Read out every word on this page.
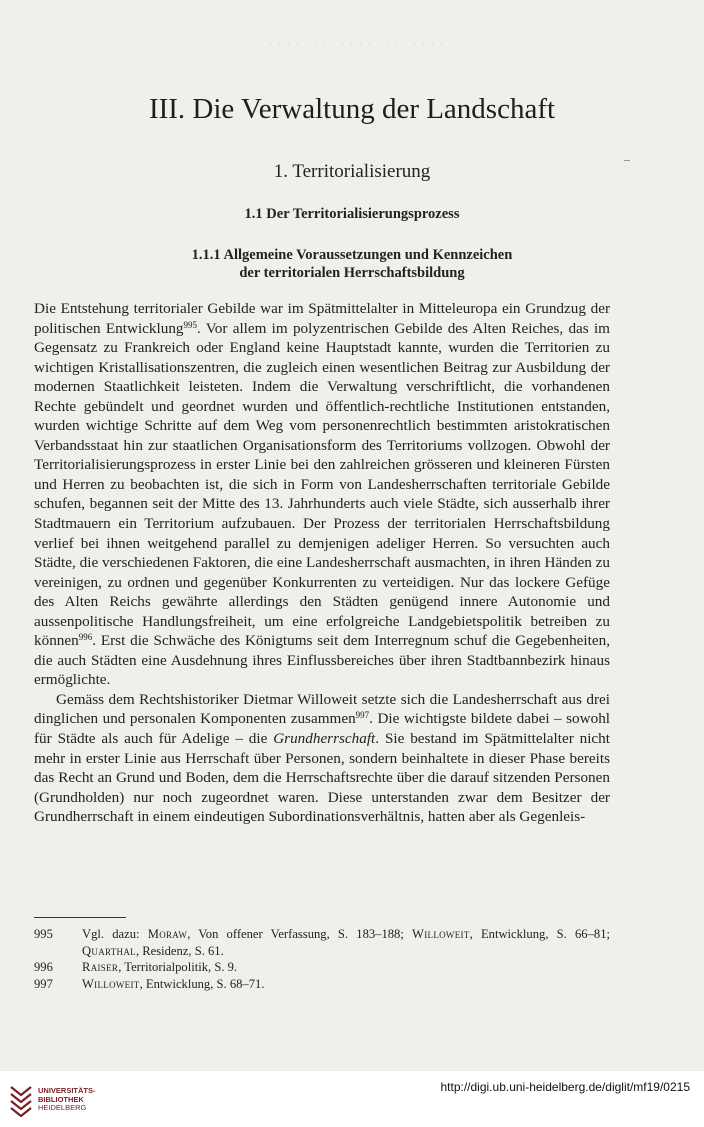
· · · · · · · · · · · · · · · · · · · · ·
III. Die Verwaltung der Landschaft
1. Territorialisierung
1.1 Der Territorialisierungsprozess
1.1.1 Allgemeine Voraussetzungen und Kennzeichen
der territorialen Herrschaftsbildung

Die Entstehung territorialer Gebilde war im Spätmittelalter in Mitteleuropa ein Grundzug der politischen Entwicklung$^{995}$. Vor allem im polyzentrischen Gebilde des Alten Reiches, das im Gegensatz zu Frankreich oder England keine Hauptstadt kannte, wurden die Territorien zu wichtigen Kristallisationszentren, die zugleich einen wesentlichen Beitrag zur Ausbildung der modernen Staatlichkeit leisteten. Indem die Verwaltung verschriftlicht, die vorhandenen Rechte gebündelt und geordnet wurden und öffentlich-rechtliche Institutionen entstanden, wurden wichtige Schritte auf dem Weg vom personenrechtlich bestimmten aristokratischen Verbandsstaat hin zur staatlichen Organisationsform des Territoriums vollzogen. Obwohl der Territorialisierungsprozess in erster Linie bei den zahlreichen grösseren und kleineren Fürsten und Herren zu beobachten ist, die sich in Form von Landesherrschaften territoriale Gebilde schufen, begannen seit der Mitte des 13. Jahrhunderts auch viele Städte, sich ausserhalb ihrer Stadtmauern ein Territorium aufzubauen. Der Prozess der territorialen Herrschaftsbildung verlief bei ihnen weitgehend parallel zu demjenigen adeliger Herren. So versuchten auch Städte, die verschiedenen Faktoren, die eine Landesherrschaft ausmachten, in ihren Händen zu vereinigen, zu ordnen und gegenüber Konkurrenten zu verteidigen. Nur das lockere Gefüge des Alten Reichs gewährte allerdings den Städten genügend innere Autonomie und aussenpolitische Handlungsfreiheit, um eine erfolgreiche Landgebietspolitik betreiben zu können$^{996}$. Erst die Schwäche des Königtums seit dem Interregnum schuf die Gegebenheiten, die auch Städten eine Ausdehnung ihres Einflussbereiches über ihren Stadtbannbezirk hinaus ermöglichte.

Gemäss dem Rechtshistoriker Dietmar Willoweit setzte sich die Landesherrschaft aus drei dinglichen und personalen Komponenten zusammen$^{997}$. Die wichtigste bildete dabei – sowohl für Städte als auch für Adelige – die Grundherrschaft. Sie bestand im Spätmittelalter nicht mehr in erster Linie aus Herrschaft über Personen, sondern beinhaltete in dieser Phase bereits das Recht an Grund und Boden, dem die Herrschaftsrechte über die darauf sitzenden Personen (Grundholden) nur noch zugeordnet waren. Diese unterstanden zwar dem Besitzer der Grundherrschaft in einem eindeutigen Subordinationsverhältnis, hatten aber als Gegenleis-

995	Vgl. dazu: Moraw, Von offener Verfassung, S. 183–188; Willoweit, Entwicklung, S. 66–81; Quarthal, Residenz, S. 61.
996	Raiser, Territorialpolitik, S. 9.
997	Willoweit, Entwicklung, S. 68–71.
UNIVERSITÄTS-
BIBLIOTHEK
HEIDELBERG
http://digi.ub.uni-heidelberg.de/diglit/mf19/0215
